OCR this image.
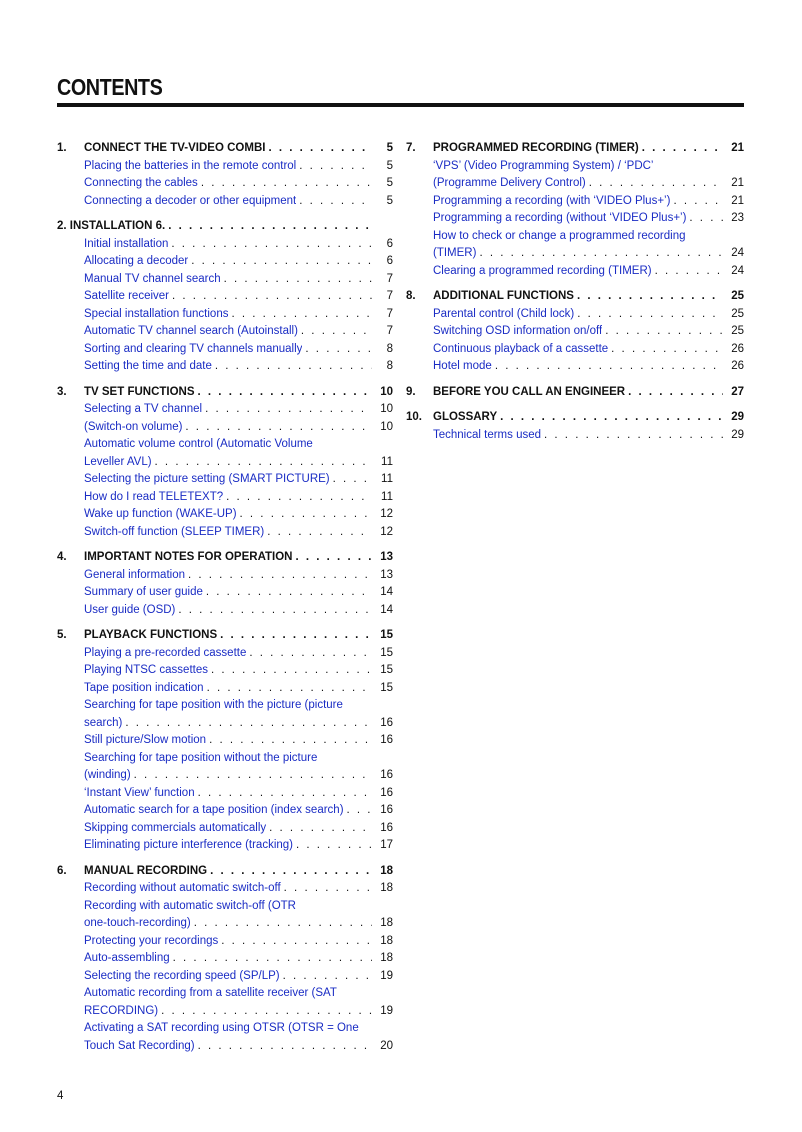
CONTENTS
1.	CONNECT THE TV-VIDEO COMBI . . .	5
Placing the batteries in the remote control . . .	5
Connecting the cables . . .	5
Connecting a decoder or other equipment . . .	5
2. INSTALLATION 6.
. . .
Initial installation . . .	6
Allocating a decoder . . .	6
Manual TV channel search . . .	7
Satellite receiver . . .	7
Special installation functions . . .	7
Automatic TV channel search (Autoinstall) . . .	7
Sorting and clearing TV channels manually . . .	8
Setting the time and date . . .	8
3.	TV SET FUNCTIONS . . .	10
Selecting a TV channel . . .	10
(Switch-on volume) . . .	10
Automatic volume control (Automatic Volume
Leveller AVL) . . .	11
Selecting the picture setting (SMART PICTURE) . . .	11
How do I read TELETEXT? . . .	11
Wake up function (WAKE-UP) . . .	12
Switch-off function (SLEEP TIMER) . . .	12
4.	IMPORTANT NOTES FOR OPERATION . . .	13
General information . . .	13
Summary of user guide . . .	14
User guide (OSD) . . .	14
5.	PLAYBACK FUNCTIONS . . .	15
Playing a pre-recorded cassette . . .	15
Playing NTSC cassettes . . .	15
Tape position indication . . .	15
Searching for tape position with the picture (picture
search) . . .	16
Still picture/Slow motion . . .	16
Searching for tape position without the picture
(winding) . . .	16
‘Instant View’ function . . .	16
Automatic search for a tape position (index search) . . .	16
Skipping commercials automatically . . .	16
Eliminating picture interference (tracking) . . .	17
6.	MANUAL RECORDING . . .	18
Recording without automatic switch-off . . .	18
Recording with automatic switch-off (OTR
one-touch-recording) . . .	18
Protecting your recordings . . .	18
Auto-assembling . . .	18
Selecting the recording speed (SP/LP) . . .	19
Automatic recording from a satellite receiver (SAT
RECORDING) . . .	19
Activating a SAT recording using OTSR (OTSR = One
Touch Sat Recording) . . .	20
7.	PROGRAMMED RECORDING (TIMER) . . .	21
‘VPS’ (Video Programming System) / ‘PDC’
(Programme Delivery Control) . . .	21
Programming a recording (with ‘VIDEO Plus+’) . . .	21
Programming a recording (without ‘VIDEO Plus+’) . . .	23
How to check or change a programmed recording
(TIMER) . . .	24
Clearing a programmed recording (TIMER) . . .	24
8.	ADDITIONAL FUNCTIONS . . .	25
Parental control (Child lock) . . .	25
Switching OSD information on/off . . .	25
Continuous playback of a cassette . . .	26
Hotel mode . . .	26
9.	BEFORE YOU CALL AN ENGINEER . . .	27
10. GLOSSARY . . .	29
Technical terms used . . .	29
4
